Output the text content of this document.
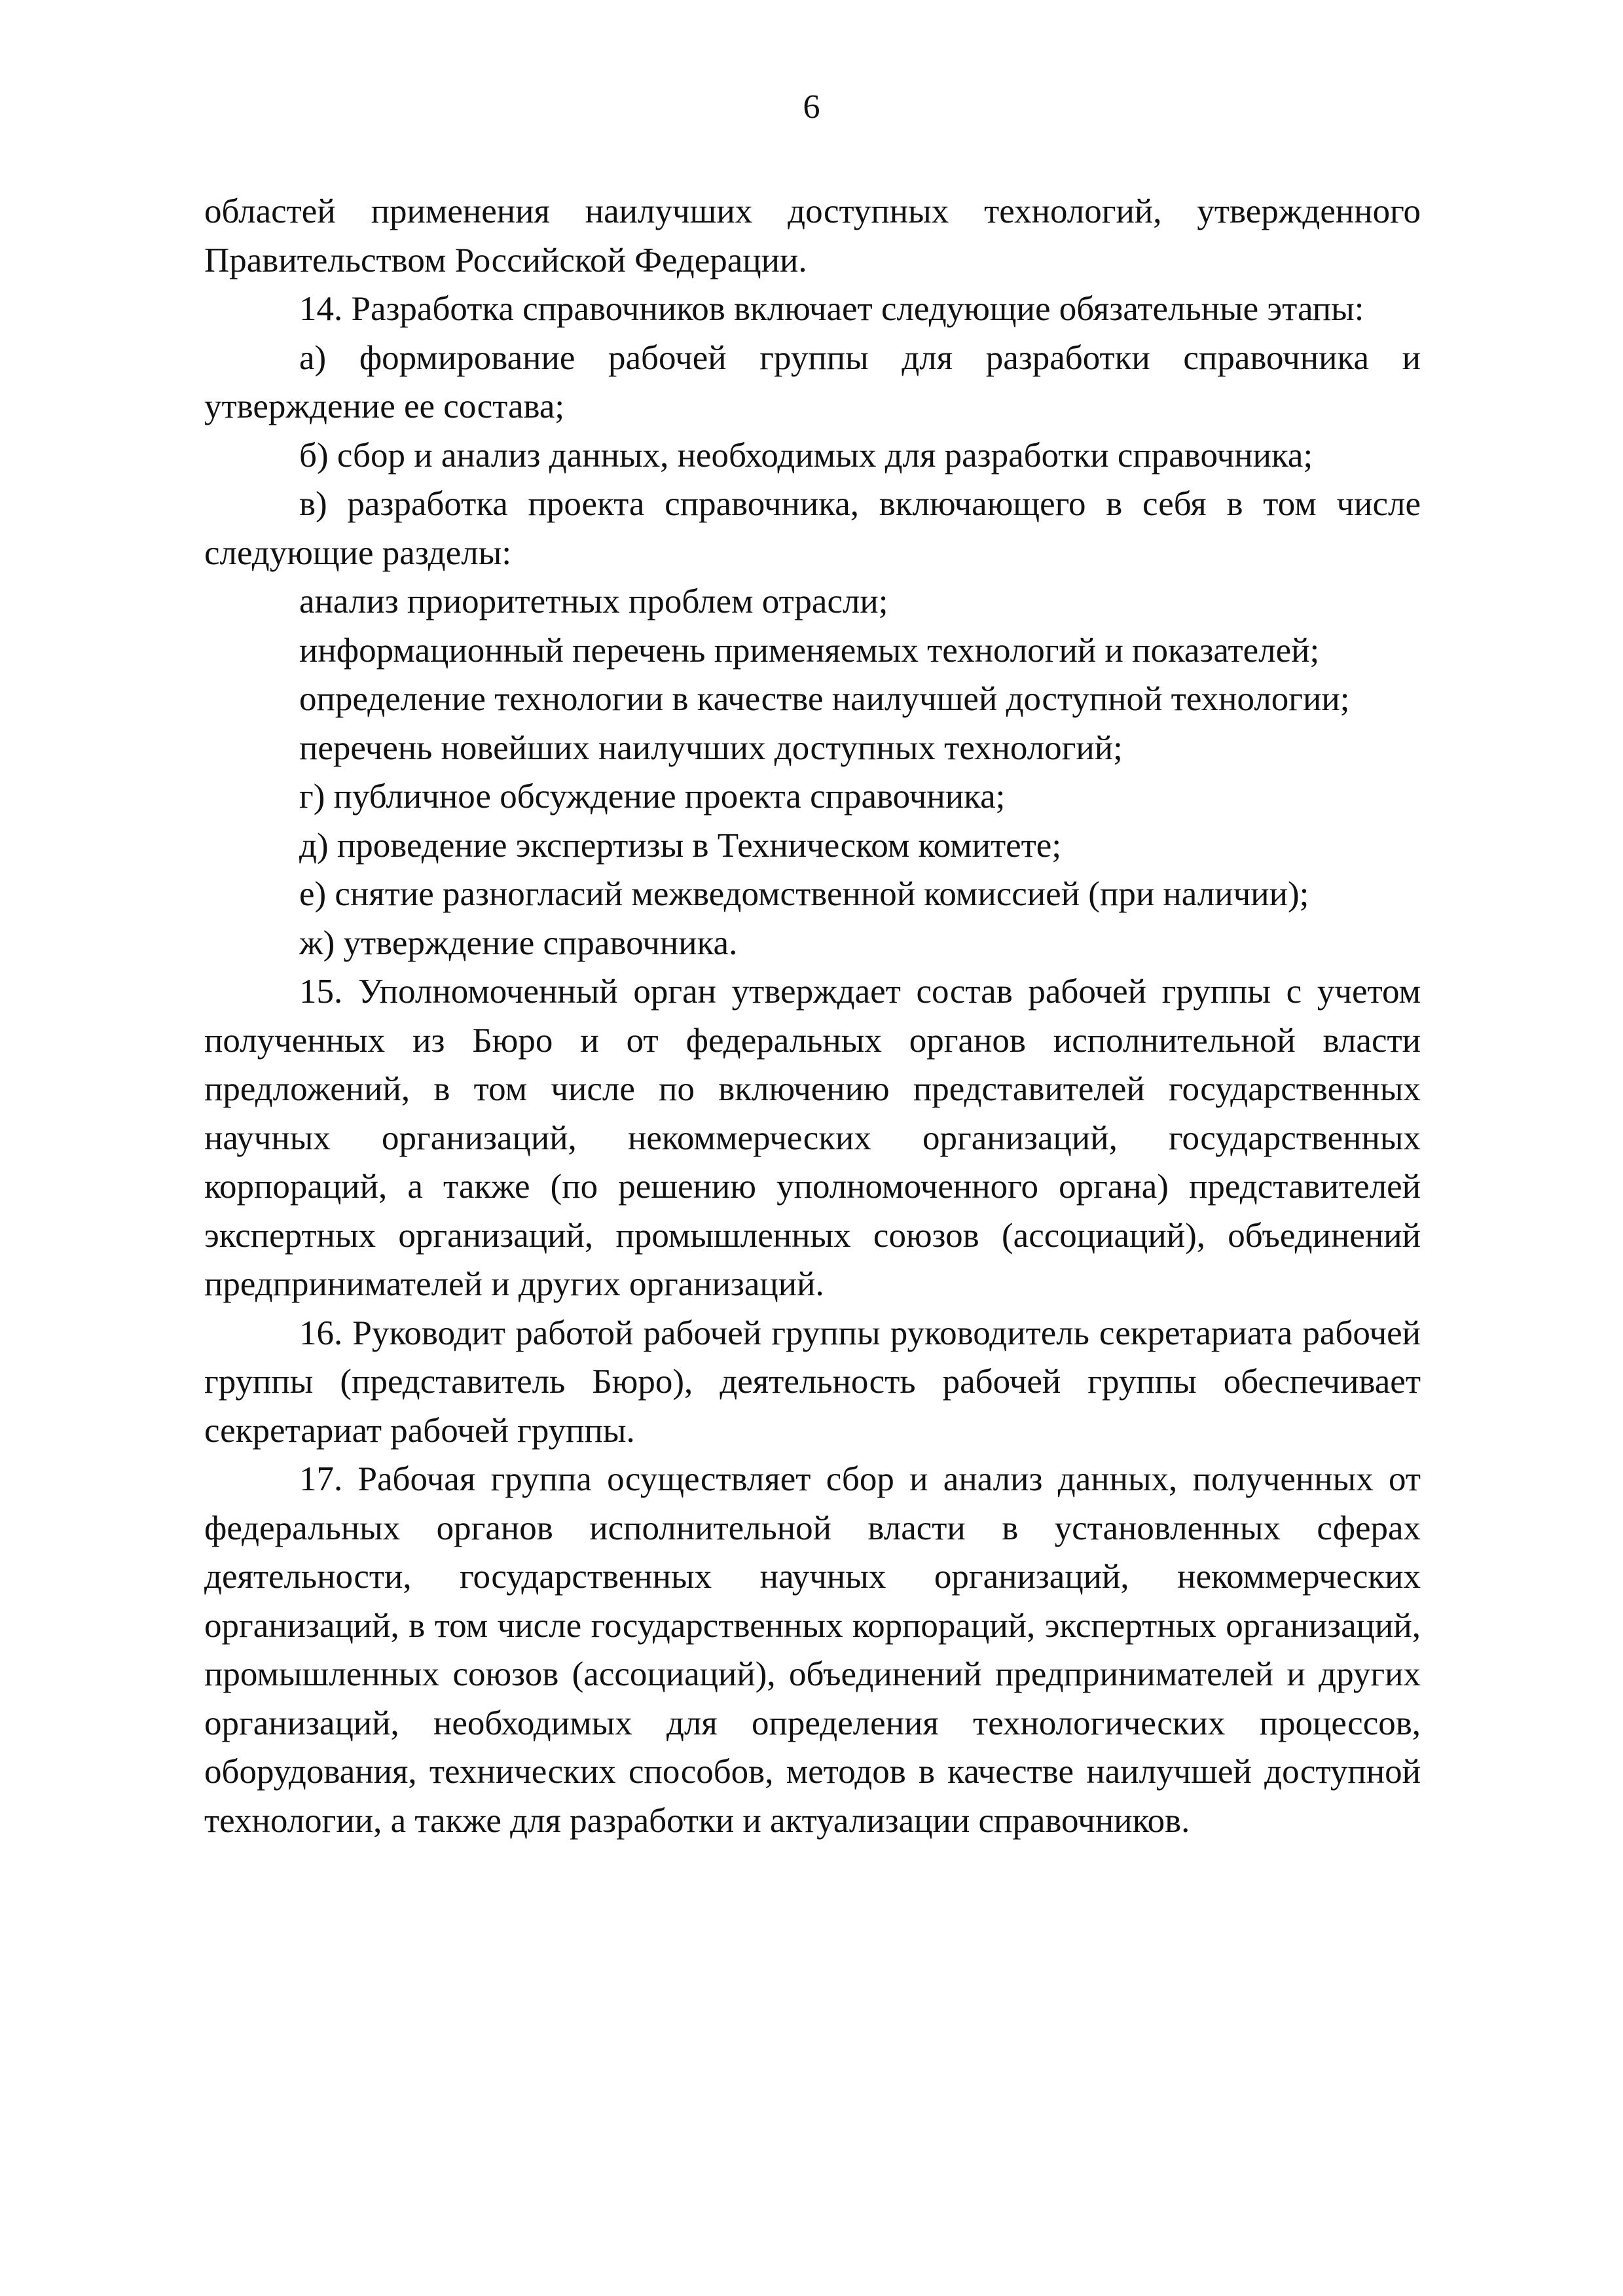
6

областей применения наилучших доступных технологий, утвержденного Правительством Российской Федерации.

14. Разработка справочников включает следующие обязательные этапы:

а) формирование рабочей группы для разработки справочника и утверждение ее состава;

б) сбор и анализ данных, необходимых для разработки справочника;

в) разработка проекта справочника, включающего в себя в том числе следующие разделы:

анализ приоритетных проблем отрасли;

информационный перечень применяемых технологий и показателей;

определение технологии в качестве наилучшей доступной технологии;

перечень новейших наилучших доступных технологий;

г) публичное обсуждение проекта справочника;

д) проведение экспертизы в Техническом комитете;

е) снятие разногласий межведомственной комиссией (при наличии);

ж) утверждение справочника.

15. Уполномоченный орган утверждает состав рабочей группы с учетом полученных из Бюро и от федеральных органов исполнительной власти предложений, в том числе по включению представителей государственных научных организаций, некоммерческих организаций, государственных корпораций, а также (по решению уполномоченного органа) представителей экспертных организаций, промышленных союзов (ассоциаций), объединений предпринимателей и других организаций.

16. Руководит работой рабочей группы руководитель секретариата рабочей группы (представитель Бюро), деятельность рабочей группы обеспечивает секретариат рабочей группы.

17. Рабочая группа осуществляет сбор и анализ данных, полученных от федеральных органов исполнительной власти в установленных сферах деятельности, государственных научных организаций, некоммерческих организаций, в том числе государственных корпораций, экспертных организаций, промышленных союзов (ассоциаций), объединений предпринимателей и других организаций, необходимых для определения технологических процессов, оборудования, технических способов, методов в качестве наилучшей доступной технологии, а также для разработки и актуализации справочников.
